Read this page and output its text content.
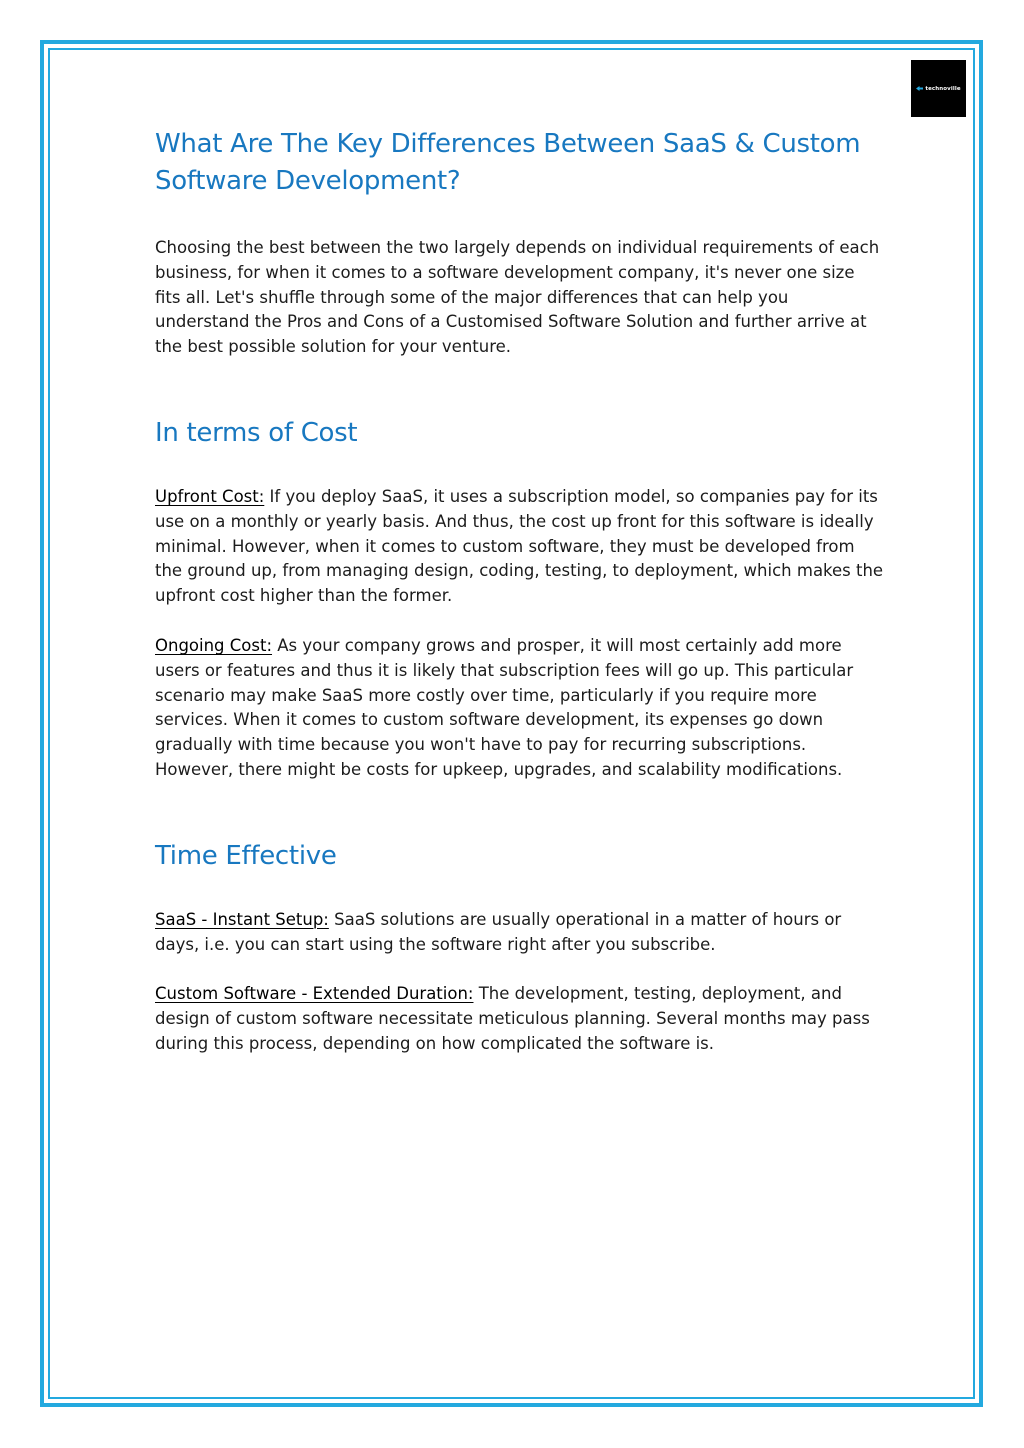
technoville
What Are The Key Differences Between SaaS & Custom Software Development?

Choosing the best between the two largely depends on individual requirements of each business, for when it comes to a software development company, it's never one size fits all. Let's shuffle through some of the major differences that can help you understand the Pros and Cons of a Customised Software Solution and further arrive at the best possible solution for your venture.

In terms of Cost

Upfront Cost: If you deploy SaaS, it uses a subscription model, so companies pay for its use on a monthly or yearly basis. And thus, the cost up front for this software is ideally minimal. However, when it comes to custom software, they must be developed from the ground up, from managing design, coding, testing, to deployment, which makes the upfront cost higher than the former.

Ongoing Cost: As your company grows and prosper, it will most certainly add more users or features and thus it is likely that subscription fees will go up. This particular scenario may make SaaS more costly over time, particularly if you require more services. When it comes to custom software development, its expenses go down gradually with time because you won't have to pay for recurring subscriptions. However, there might be costs for upkeep, upgrades, and scalability modifications.

Time Effective

SaaS - Instant Setup: SaaS solutions are usually operational in a matter of hours or days, i.e. you can start using the software right after you subscribe.

Custom Software - Extended Duration: The development, testing, deployment, and design of custom software necessitate meticulous planning. Several months may pass during this process, depending on how complicated the software is.
